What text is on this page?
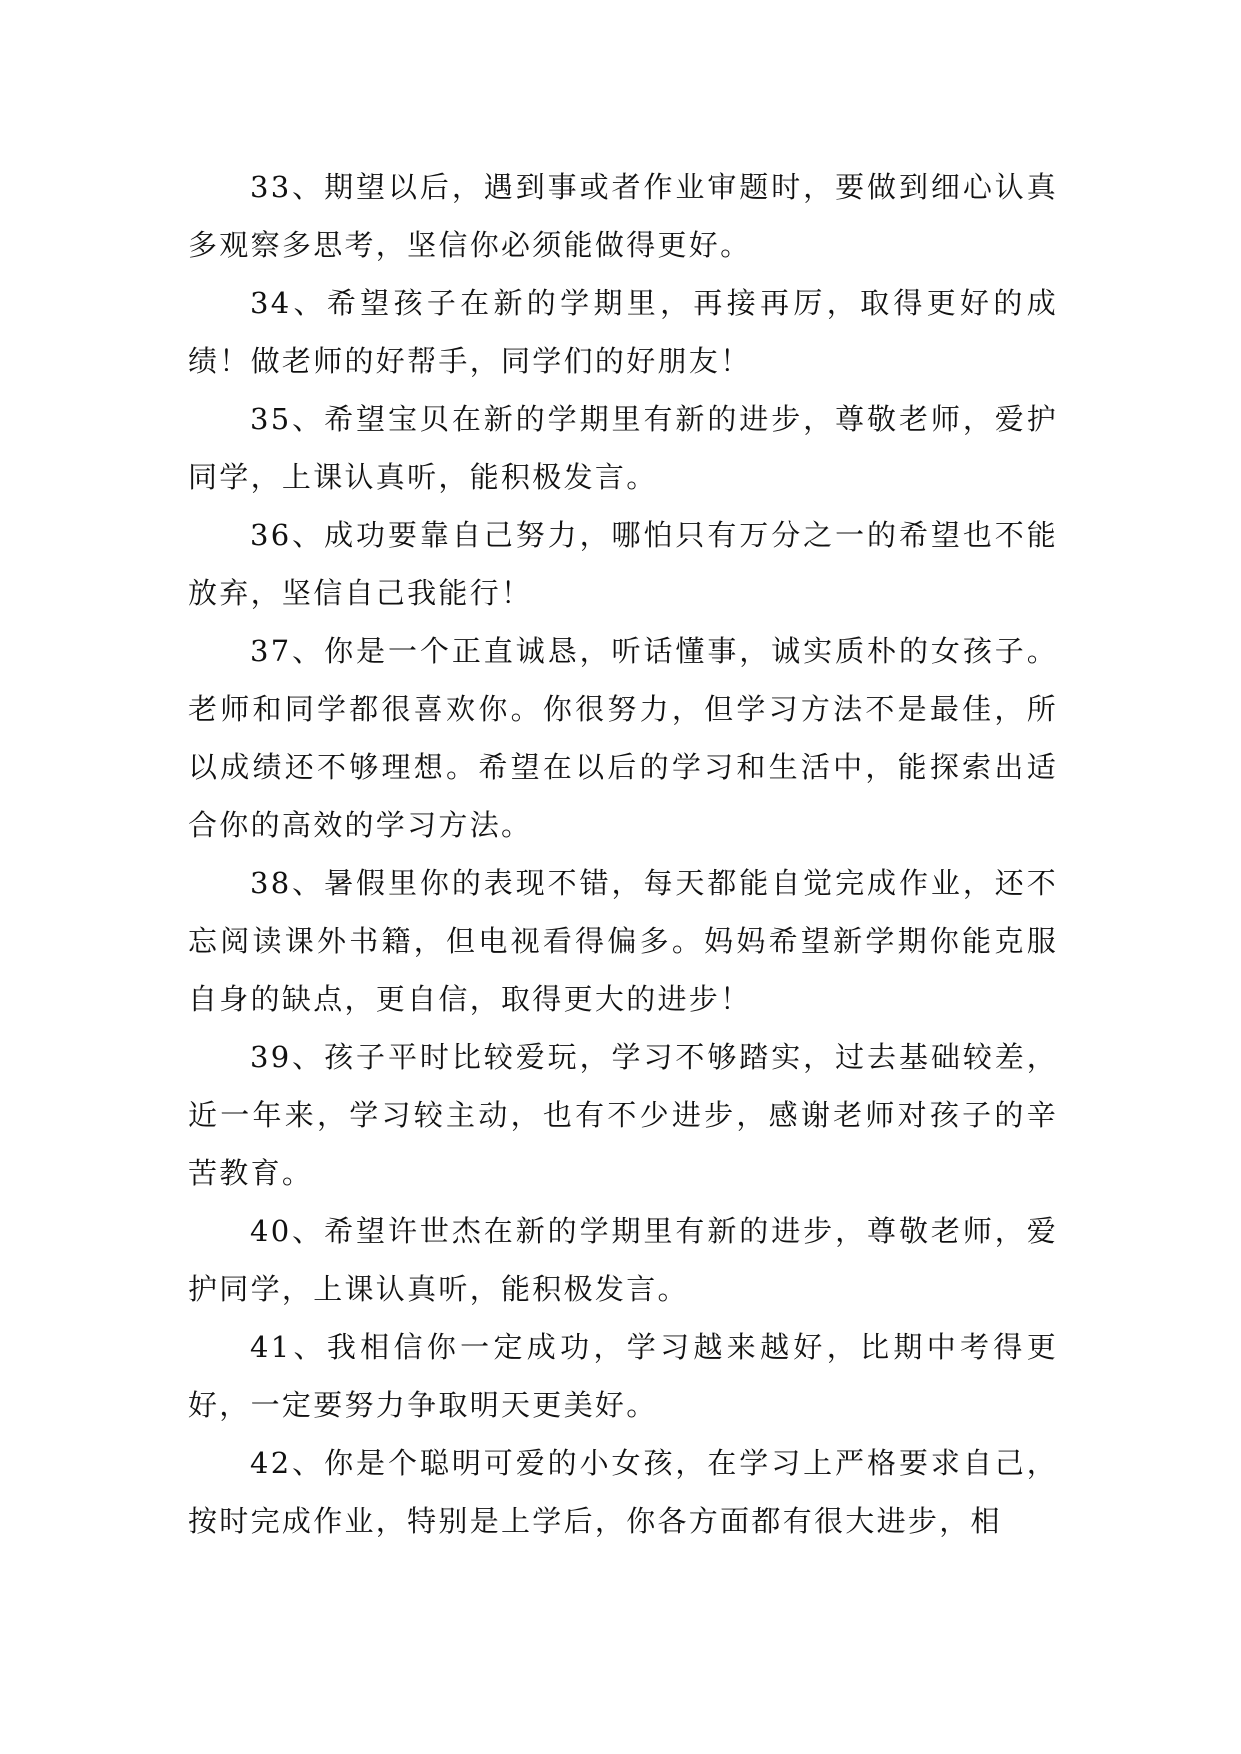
33、期望以后，遇到事或者作业审题时，要做到细心认真多观察多思考，坚信你必须能做得更好。

34、希望孩子在新的学期里，再接再厉，取得更好的成绩！做老师的好帮手，同学们的好朋友！

35、希望宝贝在新的学期里有新的进步，尊敬老师，爱护同学，上课认真听，能积极发言。

36、成功要靠自己努力，哪怕只有万分之一的希望也不能放弃，坚信自己我能行！

37、你是一个正直诚恳，听话懂事，诚实质朴的女孩子。老师和同学都很喜欢你。你很努力，但学习方法不是最佳，所以成绩还不够理想。希望在以后的学习和生活中，能探索出适合你的高效的学习方法。

38、暑假里你的表现不错，每天都能自觉完成作业，还不忘阅读课外书籍，但电视看得偏多。妈妈希望新学期你能克服自身的缺点，更自信，取得更大的进步！

39、孩子平时比较爱玩，学习不够踏实，过去基础较差，近一年来，学习较主动，也有不少进步，感谢老师对孩子的辛苦教育。

40、希望许世杰在新的学期里有新的进步，尊敬老师，爱护同学，上课认真听，能积极发言。

41、我相信你一定成功，学习越来越好，比期中考得更好，一定要努力争取明天更美好。

42、你是个聪明可爱的小女孩，在学习上严格要求自己，按时完成作业，特别是上学后，你各方面都有很大进步，相
